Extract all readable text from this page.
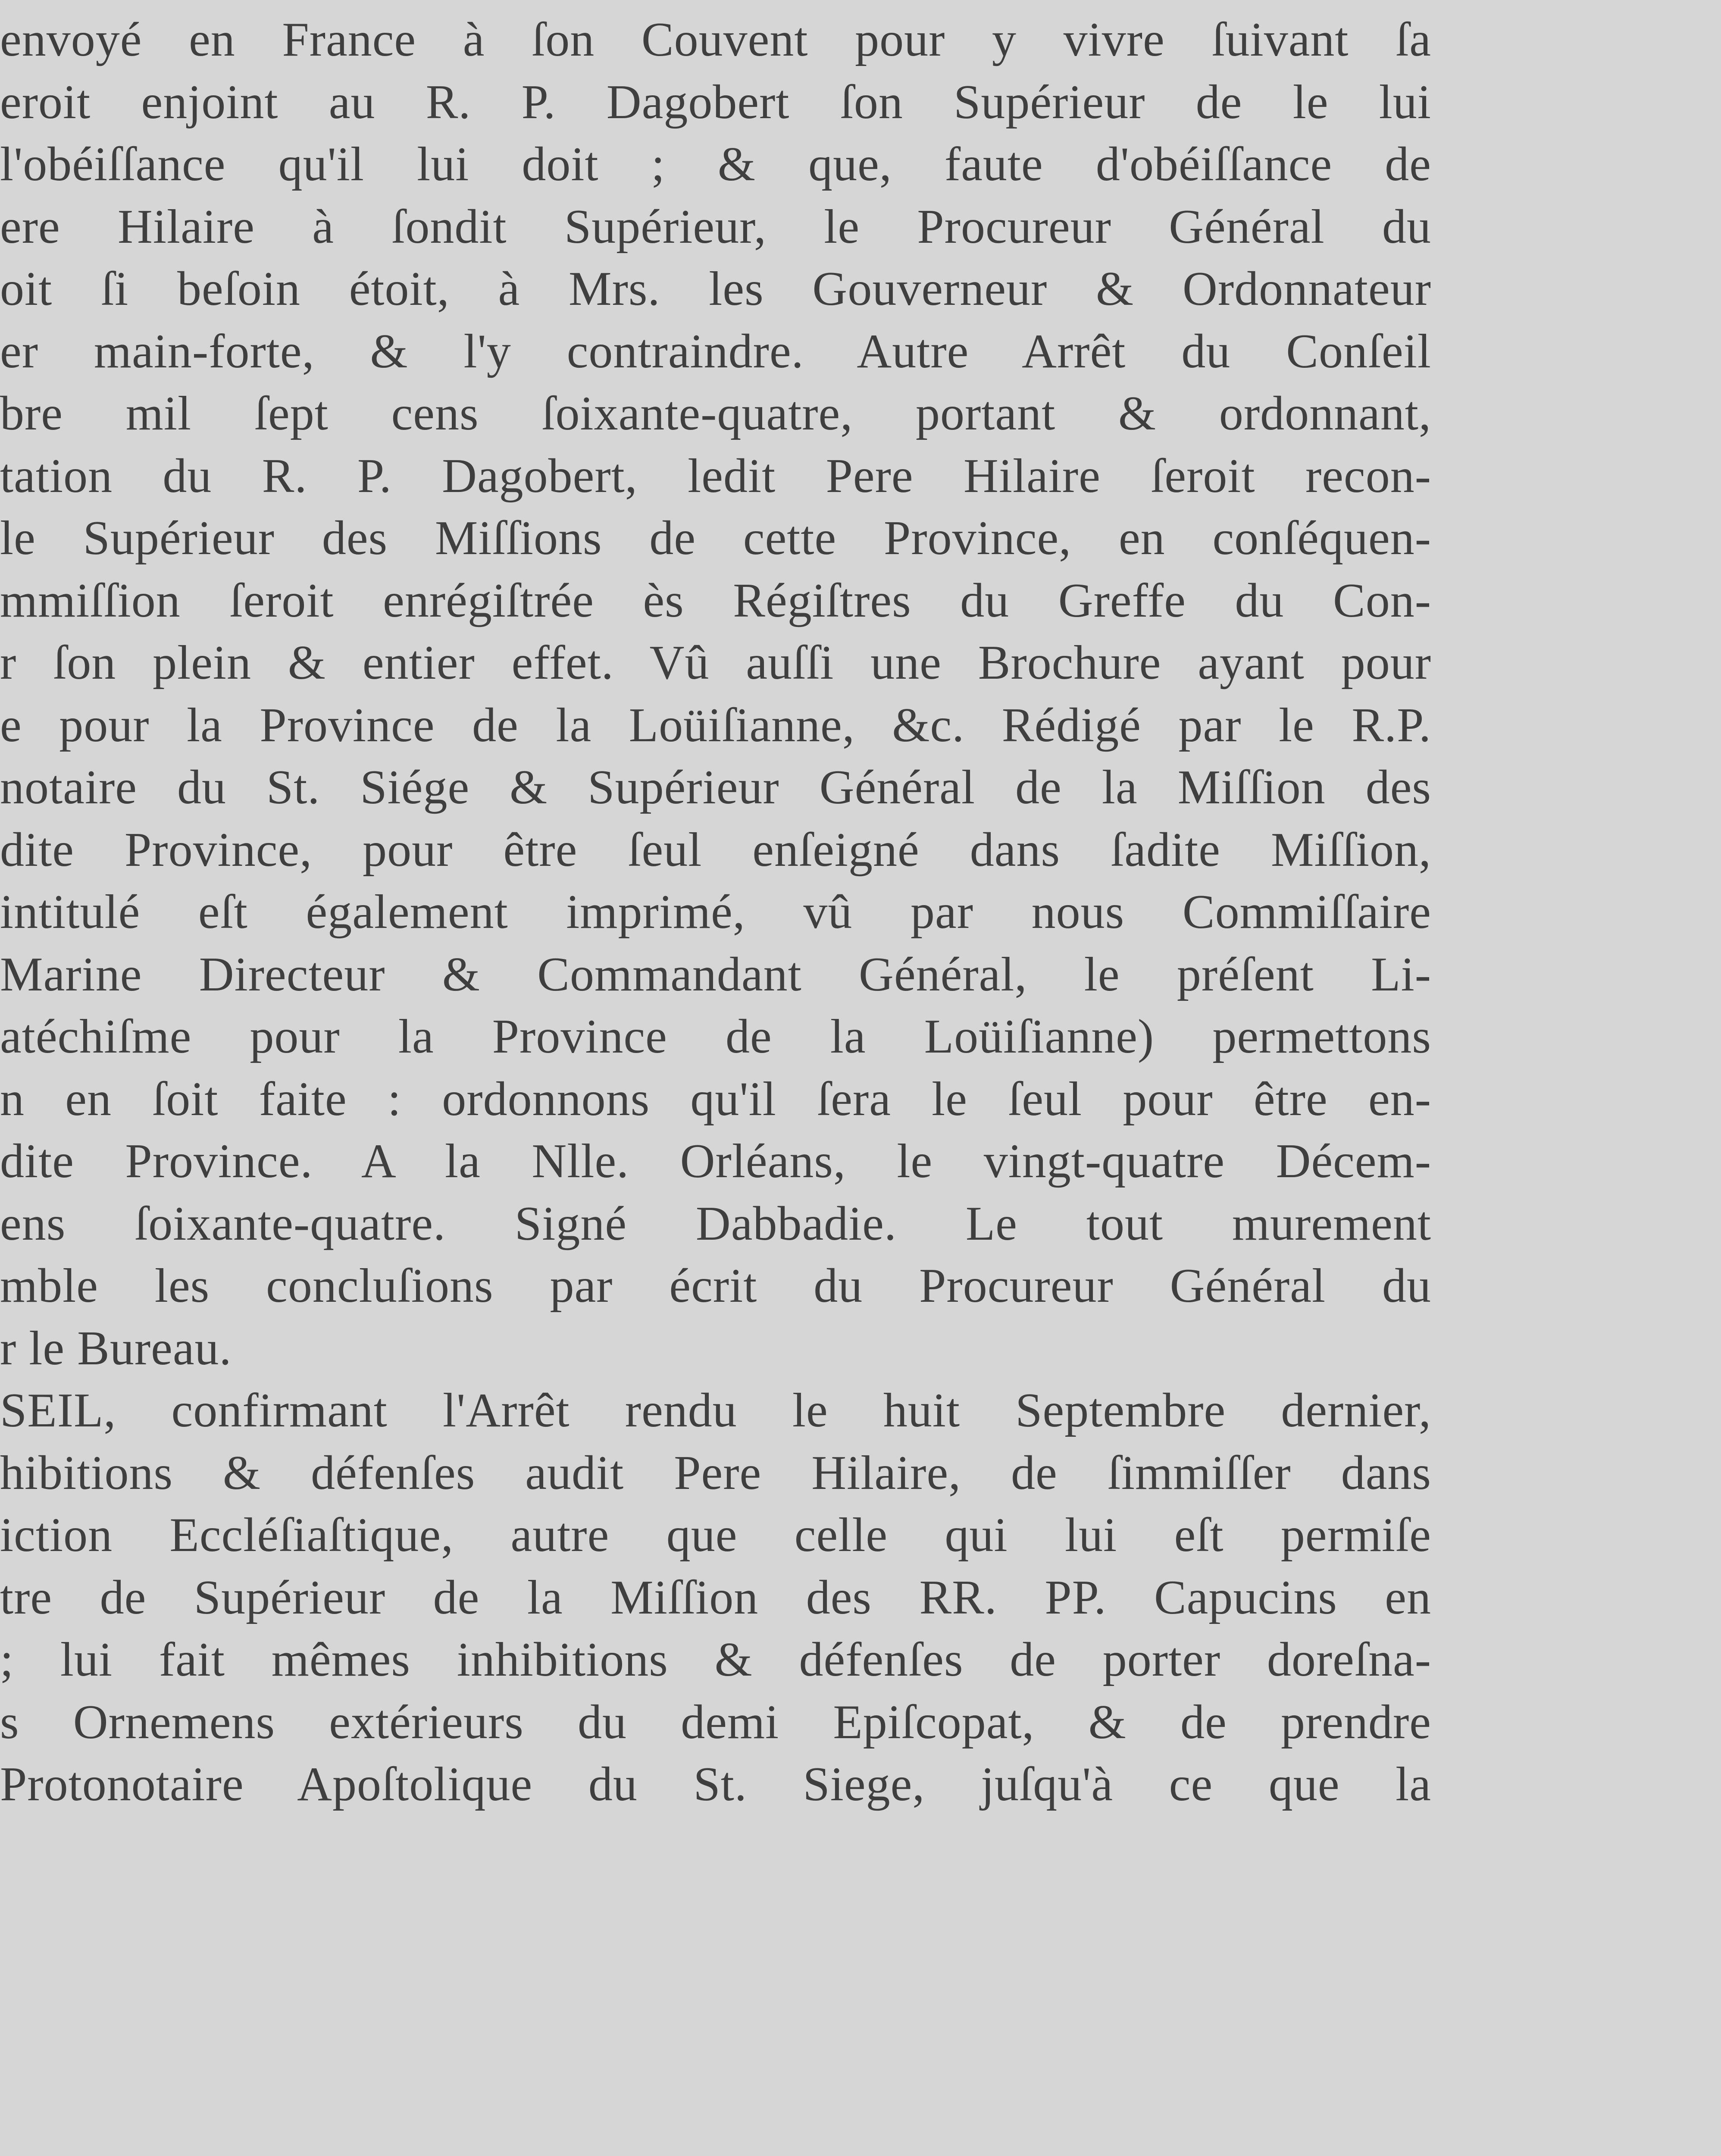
envoyé en France à ſon Couvent pour y vivre ſuivant ſa
eroit enjoint au R. P. Dagobert ſon Supérieur de le lui
l'obéiſſance qu'il lui doit ; & que, faute d'obéiſſance de
ere Hilaire à ſondit Supérieur, le Procureur Général du
oit ſi beſoin étoit, à Mrs. les Gouverneur & Ordonnateur
er main-forte, & l'y contraindre. Autre Arrêt du Conſeil
bre mil ſept cens ſoixante-quatre, portant & ordonnant,
tation du R. P. Dagobert, ledit Pere Hilaire ſeroit recon-
le Supérieur des Miſſions de cette Province, en conſéquen-
mmiſſion ſeroit enrégiſtrée ès Régiſtres du Greffe du Con-
r ſon plein & entier effet. Vû auſſi une Brochure ayant pour
e pour la Province de la Loüiſianne, &c. Rédigé par le R.P.
notaire du St. Siége & Supérieur Général de la Miſſion des
dite Province, pour être ſeul enſeigné dans ſadite Miſſion,
intitulé eſt également imprimé, vû par nous Commiſſaire
Marine Directeur & Commandant Général, le préſent Li-
atéchiſme pour la Province de la Loüiſianne) permettons
n en ſoit faite : ordonnons qu'il ſera le ſeul pour être en-
dite Province. A la Nlle. Orléans, le vingt-quatre Décem-
ens ſoixante-quatre. Signé Dabbadie. Le tout murement
mble les concluſions par écrit du Procureur Général du
r le Bureau.
SEIL, confirmant l'Arrêt rendu le huit Septembre dernier,
hibitions & défenſes audit Pere Hilaire, de ſimmiſſer dans
iction Eccléſiaſtique, autre que celle qui lui eſt permiſe
tre de Supérieur de la Miſſion des RR. PP. Capucins en
; lui fait mêmes inhibitions & défenſes de porter doreſna-
s Ornemens extérieurs du demi Epiſcopat, & de prendre
Protonotaire Apoſtolique du St. Siege, juſqu'à ce que la
